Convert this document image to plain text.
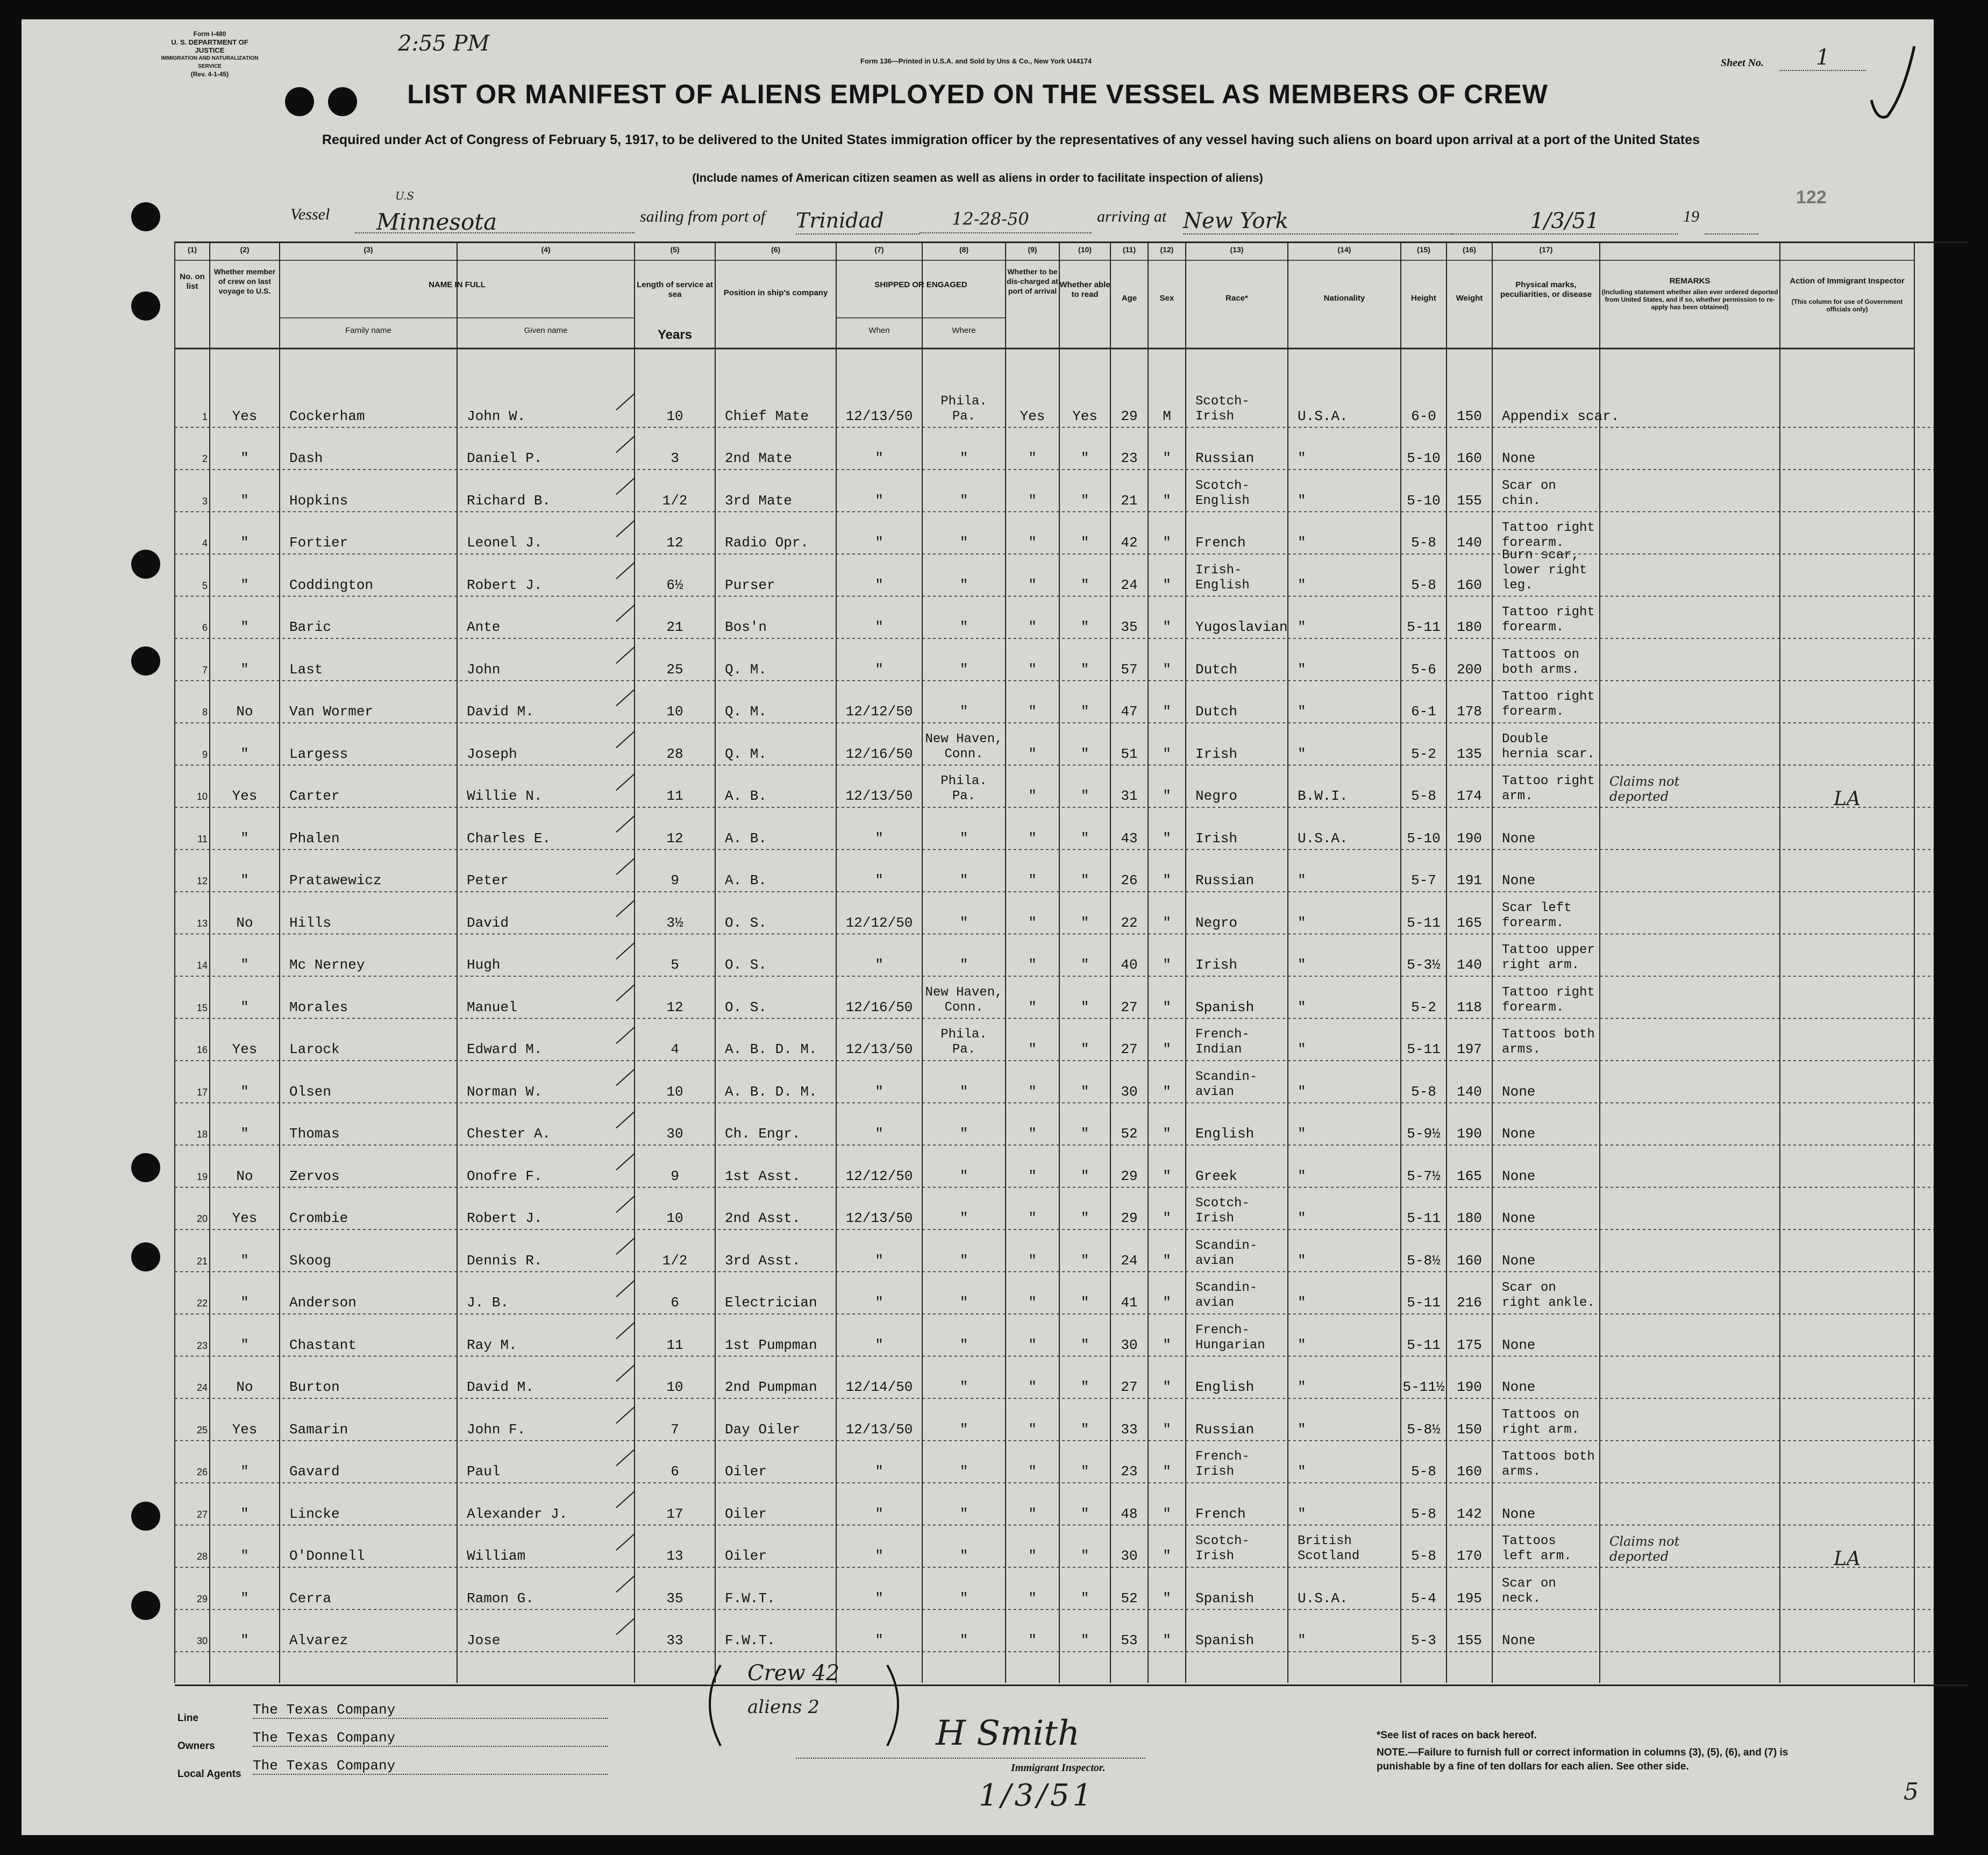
Form I-480
U. S. DEPARTMENT OF JUSTICE
IMMIGRATION AND NATURALIZATION SERVICE
(Rev. 4-1-45)
2:55 PM
Form 136—Printed in U.S.A. and Sold by Uns & Co., New York U44174	Sheet No.	1
LIST OR MANIFEST OF ALIENS EMPLOYED ON THE VESSEL AS MEMBERS OF CREW
Required under Act of Congress of February 5, 1917, to be delivered to the United States immigration officer by the representatives of any vessel having such aliens on board upon arrival at a port of the United States
(Include names of American citizen seamen as well as aliens in order to facilitate inspection of aliens)
122
Vessel
U.S
Minnesota	sailing from port of Trinidad	12-28-50	arriving at New York	1/3/51	19
No. on list
Whether member of crew on last voyage to U.S.
NAME IN FULL
Family name	Given name
Length of service at sea
Years
Position in ship's company
SHIPPED OR ENGAGED
When	Where
Whether to be dis-charged at port of arrival
Whether able to read	Age	Sex	Race*	Nationality	Height	Weight
Physical marks, peculiarities, or disease
REMARKS
(Including statement whether alien ever ordered deported from United States, and if so, whether permission to re-apply has been obtained)
Action of Immigrant Inspector
(This column for use of Government officials only)
(1)	(2)	(3)	(4)	(5)	(6)	(7)	(8)	(9)	(10)	(11)	(12)	(13)	(14)	(15)	(16)	(17)
1	Yes	Cockerham	John W.	10	Chief Mate	12/13/50
Phila.
Pa.	Yes	Yes	29	M
Scotch-
Irish	U.S.A.	6-0	150	Appendix scar.
2	"	Dash	Daniel P.	3	2nd Mate	"	"	"	"	23	"	Russian	"	5-10	160	None
3	"	Hopkins	Richard B.	1/2	3rd Mate	"	"	"	"	21	"
Scotch-
English	"	5-10	155
Scar on
chin.
4	"	Fortier	Leonel J.	12	Radio Opr.	"	"	"	"	42	"	French	"	5-8	140
Tattoo right
forearm.
5	"	Coddington	Robert J.	6½	Purser	"	"	"	"	24	"
Irish-
English	"	5-8	160
Burn scar,
lower right
leg.
6	"	Baric	Ante	21	Bos'n	"	"	"	"	35	"	Yugoslavian "	5-11	180
Tattoo right
forearm.
7	"	Last	John	25	Q. M.	"	"	"	"	57	"	Dutch	"	5-6	200
Tattoos on
both arms.
8	No	Van Wormer	David M.	10	Q. M.	12/12/50	"	"	"	47	"	Dutch	"	6-1	178
Tattoo right
forearm.
9	"	Largess	Joseph	28	Q. M.	12/16/50
New Haven,
Conn.	"	"	51	"	Irish	"	5-2	135
Double
hernia scar.
10	Yes	Carter	Willie N.	11	A. B.	12/13/50
Phila.
Pa.	"	"	31	"	Negro	B.W.I.	5-8	174
Tattoo right
arm.
Claims not
deported	LA
11	"	Phalen	Charles E.	12	A. B.	"	"	"	"	43	"	Irish	U.S.A.	5-10	190	None
12	"	Pratawewicz	Peter	9	A. B.	"	"	"	"	26	"	Russian	"	5-7	191	None
13	No	Hills	David	3½	O. S.	12/12/50	"	"	"	22	"	Negro	"	5-11	165
Scar left
forearm.
14	"	Mc Nerney	Hugh	5	O. S.	"	"	"	"	40	"	Irish	"	5-3½	140
Tattoo upper
right arm.
15	"	Morales	Manuel	12	O. S.	12/16/50
New Haven,
Conn.	"	"	27	"	Spanish	"	5-2	118
Tattoo right
forearm.
16	Yes	Larock	Edward M.	4	A. B. D. M.	12/13/50
Phila.
Pa.	"	"	27	"
French-
Indian	"	5-11	197
Tattoos both
arms.
17	"	Olsen	Norman W.	10	A. B. D. M.	"	"	"	"	30	"
Scandin-
avian	"	5-8	140	None
18	"	Thomas	Chester A.	30	Ch. Engr.	"	"	"	"	52	"	English	"	5-9½	190	None
19	No	Zervos	Onofre F.	9	1st Asst.	12/12/50	"	"	"	29	"	Greek	"	5-7½	165	None
20	Yes	Crombie	Robert J.	10	2nd Asst.	12/13/50	"	"	"	29	"
Scotch-
Irish	"	5-11	180	None
21	"	Skoog	Dennis R.	1/2	3rd Asst.	"	"	"	"	24	"
Scandin-
avian	"	5-8½	160	None
22	"	Anderson	J. B.	6	Electrician	"	"	"	"	41	"
Scandin-
avian	"	5-11	216
Scar on
right ankle.
23	"	Chastant	Ray M.	11	1st Pumpman	"	"	"	"	30	"
French-
Hungarian "	5-11	175	None
24	No	Burton	David M.	10	2nd Pumpman	12/14/50	"	"	"	27	"	English	"	5-11½ 190	None
25	Yes	Samarin	John F.	7	Day Oiler	12/13/50	"	"	"	33	"	Russian	"	5-8½	150
Tattoos on
right arm.
26	"	Gavard	Paul	6	Oiler	"	"	"	"	23	"
French-
Irish	"	5-8	160
Tattoos both
arms.
27	"	Lincke	Alexander J.	17	Oiler	"	"	"	"	48	"	French	"	5-8	142	None
28	"	O'Donnell	William	13	Oiler	"	"	"	"	30	"
Scotch-
Irish
British
Scotland	5-8	170
Tattoos
left arm.
Claims not
deported	LA
29	"	Cerra	Ramon G.	35	F.W.T.	"	"	"	"	52	"	Spanish	U.S.A.	5-4	195
Scar on
neck.
30	"	Alvarez	Jose	33	F.W.T.	"	"	"	"	53	"	Spanish	"	5-3	155	None
Crew 42
aliens 2
Line
The Texas Company
Owners
The Texas Company
Local Agents
The Texas Company
H Smith
Immigrant Inspector.
1/3/51
*See list of races on back hereof.
NOTE.—Failure to furnish full or correct information in columns (3), (5), (6), and (7) is punishable by a fine of ten dollars for each alien. See other side.
5
